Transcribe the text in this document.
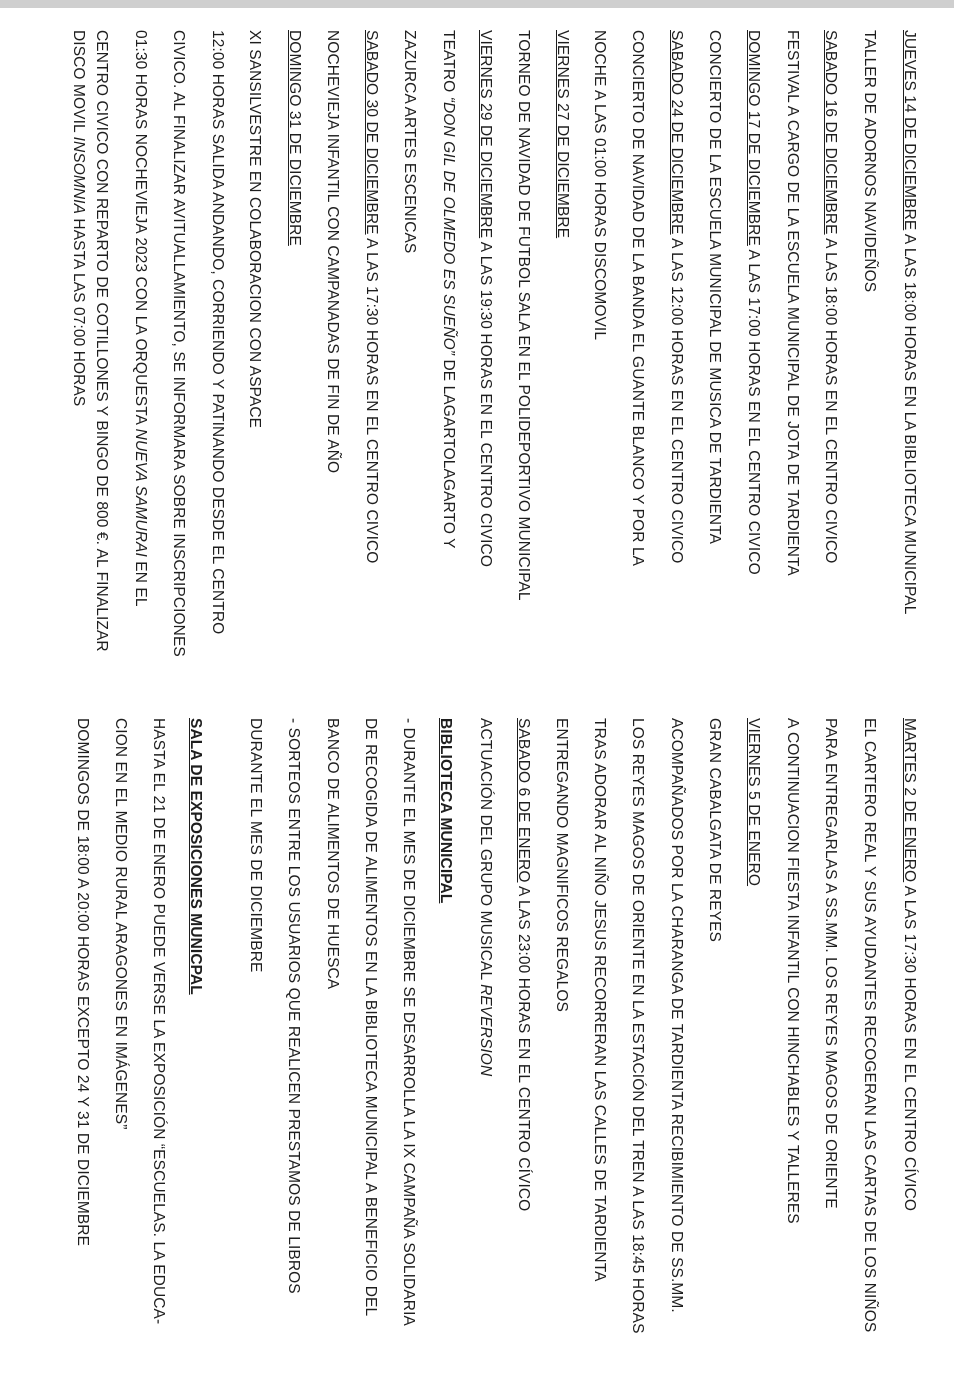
JUEVES 14 DE DICIEMBRE A LAS 18:00 HORAS EN LA BIBLIOTECA MUNICIPAL
TALLER DE ADORNOS NAVIDEÑOS
SABADO 16 DE DICIEMBRE A LAS 18:00 HORAS EN EL CENTRO CIVICO
FESTIVAL A CARGO DE LA ESCUELA MUNICIPAL DE JOTA DE TARDIENTA
DOMINGO 17 DE DICIEMBRE A LAS 17:00 HORAS EN EL CENTRO CIVICO
CONCIERTO DE LA ESCUELA MUNICIPAL DE MUSICA DE TARDIENTA
SABADO 24 DE DICIEMBRE A LAS 12:00 HORAS EN EL CENTRO CIVICO
CONCIERTO DE NAVIDAD DE LA BANDA EL GUANTE BLANCO Y POR LA
NOCHE A LAS 01:00 HORAS DISCOMOVIL
VIERNES 27 DE DICIEMBRE
TORNEO DE NAVIDAD DE FUTBOL SALA EN EL POLIDEPORTIVO MUNICIPAL
VIERNES 29 DE DICIEMBRE A LAS 19:30 HORAS EN EL CENTRO CIVICO
TEATRO “DON GIL DE OLMEDO ES SUEÑO” DE LAGARTOLAGARTO Y
ZAZURCA ARTES ESCENICAS
SABADO 30 DE DICIEMBRE A LAS 17:30 HORAS EN EL CENTRO CIVICO
NOCHEVIEJA INFANTIL CON CAMPANADAS DE FIN DE AÑO
DOMINGO 31 DE DICIEMBRE
XI SANSILVESTRE EN COLABORACION CON ASPACE
12:00 HORAS SALIDA ANDANDO, CORRIENDO Y PATINANDO DESDE EL CENTRO
CIVICO. AL FINALIZAR AVITUALLAMIENTO, SE INFORMARA SOBRE INSCRIPCIONES
01:30 HORAS NOCHEVIEJA 2023 CON LA ORQUESTA NUEVA SAMURAI EN EL
CENTRO CIVICO CON REPARTO DE COTILLONES Y BINGO DE 800 €. AL FINALIZAR
DISCO MOVIL INSOMNIA HASTA LAS 07:00 HORAS
MARTES 2 DE ENERO A LAS 17:30 HORAS EN EL CENTRO CÍVICO
EL CARTERO REAL Y SUS AYUDANTES RECOGERAN LAS CARTAS DE LOS NIÑOS
PARA ENTREGARLAS A SS.MM. LOS REYES MAGOS DE ORIENTE
A CONTINUACION FIESTA INFANTIL CON HINCHABLES Y TALLERES
VIERNES 5 DE ENERO
GRAN CABALGATA DE REYES
ACOMPAÑADOS POR LA CHARANGA DE TARDIENTA RECIBIMIENTO DE SS.MM.
LOS REYES MAGOS DE ORIENTE EN LA ESTACIÓN DEL TREN A LAS 18:45 HORAS
TRAS ADORAR AL NIÑO JESUS RECORRERAN LAS CALLES DE TARDIENTA
ENTREGANDO MAGNIFICOS REGALOS
SABADO 6 DE ENERO A LAS 23:00 HORAS EN EL CENTRO CÍVICO
ACTUACIÓN DEL GRUPO MUSICAL REVERSION
BIBLIOTECA MUNICIPAL
- DURANTE EL MES DE DICIEMBRE SE DESARROLLA LA IX CAMPAÑA SOLIDARIA
DE RECOGIDA DE ALIMENTOS EN LA BIBLIOTECA MUNICIPAL A BENEFICIO DEL
BANCO DE ALIMENTOS DE HUESCA
- SORTEOS ENTRE LOS USUARIOS QUE REALICEN PRESTAMOS DE LIBROS
DURANTE EL MES DE DICIEMBRE
SALA DE EXPOSICIONES MUNICPAL
HASTA EL 21 DE ENERO PUEDE VERSE LA EXPOSICIÓN “ESCUELAS. LA EDUCA-
CION EN EL MEDIO RURAL ARAGONES EN IMÁGENES”
DOMINGOS DE 18:00 A 20:00 HORAS EXCEPTO 24 Y 31 DE DICIEMBRE
